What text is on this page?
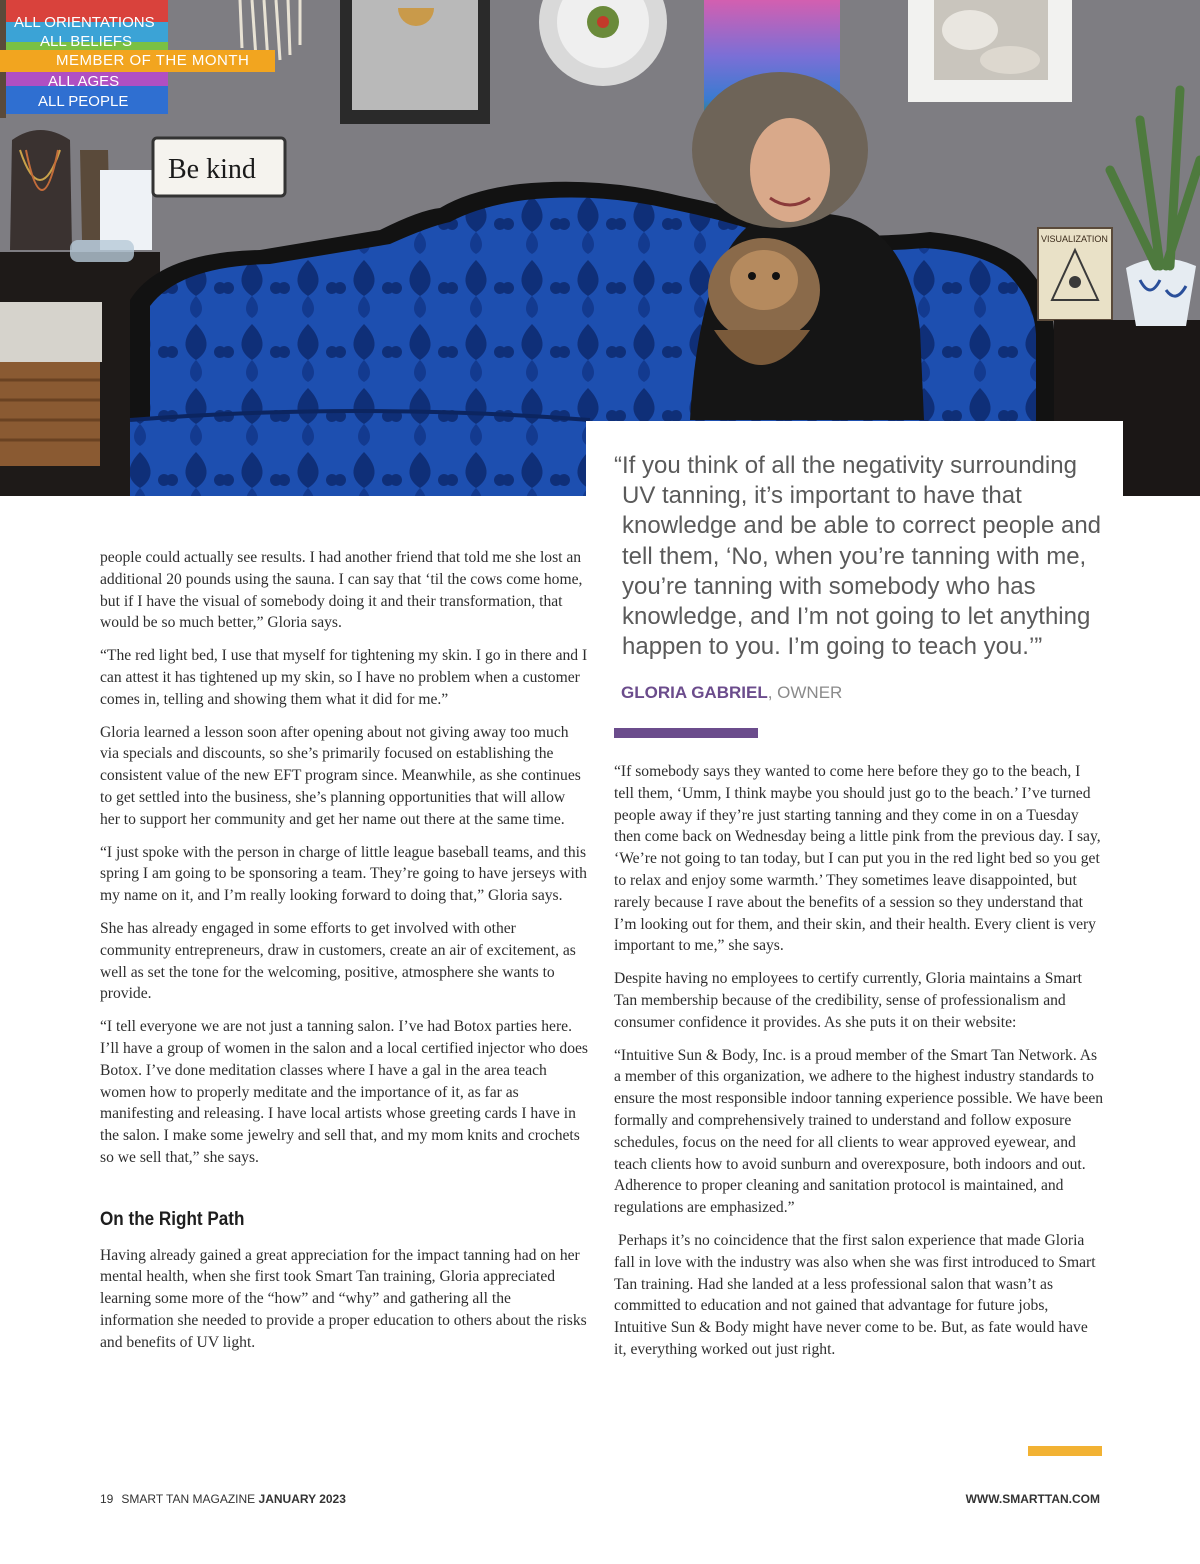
ALL ORIENTATIONS
ALL BELIEFS
ALL AGES
ALL PEOPLE
Be kind
VISUALIZATION
MEMBER OF THE MONTH
“If you think of all the negativity surrounding UV tanning, it’s important to have that knowledge and be able to correct people and tell them, ‘No, when you’re tanning with me, you’re tanning with somebody who has knowledge, and I’m not going to let anything happen to you. I’m going to teach you.’”
GLORIA GABRIEL, OWNER

people could actually see results. I had another friend that told me she lost an additional 20 pounds using the sauna. I can say that ‘til the cows come home, but if I have the visual of somebody doing it and their transformation, that would be so much better,” Gloria says.

“The red light bed, I use that myself for tightening my skin. I go in there and I can attest it has tightened up my skin, so I have no problem when a customer comes in, telling and showing them what it did for me.”

Gloria learned a lesson soon after opening about not giving away too much via specials and discounts, so she’s primarily focused on establishing the consistent value of the new EFT program since. Meanwhile, as she continues to get settled into the business, she’s planning opportunities that will allow her to support her community and get her name out there at the same time.

“I just spoke with the person in charge of little league baseball teams, and this spring I am going to be sponsoring a team. They’re going to have jerseys with my name on it, and I’m really looking forward to doing that,” Gloria says.

She has already engaged in some efforts to get involved with other community entrepreneurs, draw in customers, create an air of excitement, as well as set the tone for the welcoming, positive, atmosphere she wants to provide.

“I tell everyone we are not just a tanning salon. I’ve had Botox parties here. I’ll have a group of women in the salon and a local certified injector who does Botox. I’ve done meditation classes where I have a gal in the area teach women how to properly meditate and the importance of it, as far as manifesting and releasing. I have local artists whose greeting cards I have in the salon. I make some jewelry and sell that, and my mom knits and crochets so we sell that,” she says.

On the Right Path

Having already gained a great appreciation for the impact tanning had on her mental health, when she first took Smart Tan training, Gloria appreciated learning some more of the “how” and “why” and gathering all the information she needed to provide a proper education to others about the risks and benefits of UV light.

“If somebody says they wanted to come here before they go to the beach, I tell them, ‘Umm, I think maybe you should just go to the beach.’ I’ve turned people away if they’re just starting tanning and they come in on a Tuesday then come back on Wednesday being a little pink from the previous day. I say, ‘We’re not going to tan today, but I can put you in the red light bed so you get to relax and enjoy some warmth.’ They sometimes leave disappointed, but rarely because I rave about the benefits of a session so they understand that I’m looking out for them, and their skin, and their health. Every client is very important to me,” she says.

Despite having no employees to certify currently, Gloria maintains a Smart Tan membership because of the credibility, sense of professionalism and consumer confidence it provides. As she puts it on their website:

“Intuitive Sun & Body, Inc. is a proud member of the Smart Tan Network. As a member of this organization, we adhere to the highest industry standards to ensure the most responsible indoor tanning experience possible. We have been formally and comprehensively trained to understand and follow exposure schedules, focus on the need for all clients to wear approved eyewear, and teach clients how to avoid sunburn and overexposure, both indoors and out. Adherence to proper cleaning and sanitation protocol is maintained, and regulations are emphasized.”

Perhaps it’s no coincidence that the first salon experience that made Gloria fall in love with the industry was also when she was first introduced to Smart Tan training. Had she landed at a less professional salon that wasn’t as committed to education and not gained that advantage for future jobs, Intuitive Sun & Body might have never come to be. But, as fate would have it, everything worked out just right.

19 SMART TAN MAGAZINE JANUARY 2023	WWW.SMARTTAN.COM
